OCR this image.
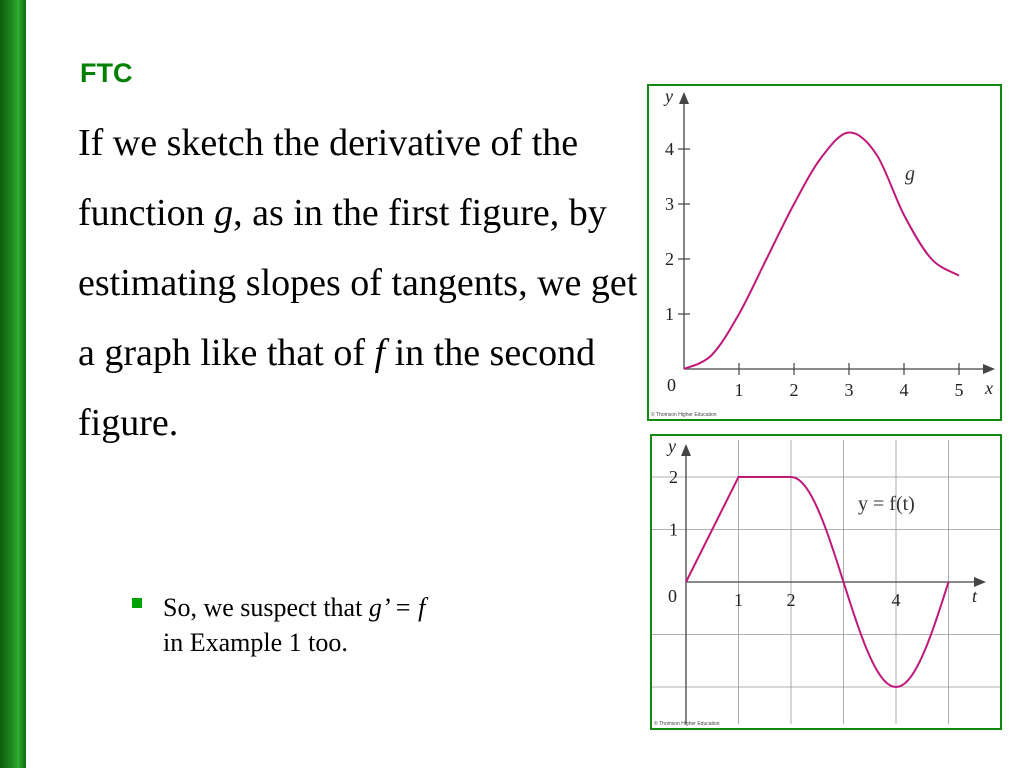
FTC

If we sketch the derivative of the function g, as in the first figure, by estimating slopes of tangents, we get a graph like that of f in the second figure.

So, we suspect that g’ = f
in Example 1 too.

1	2	3	4	5
1
2
3
4
g
y
x
0
© Thomson Higher Education
1 2	4
1
2
y = f(t)
y
t
0
© Thomson Higher Education
